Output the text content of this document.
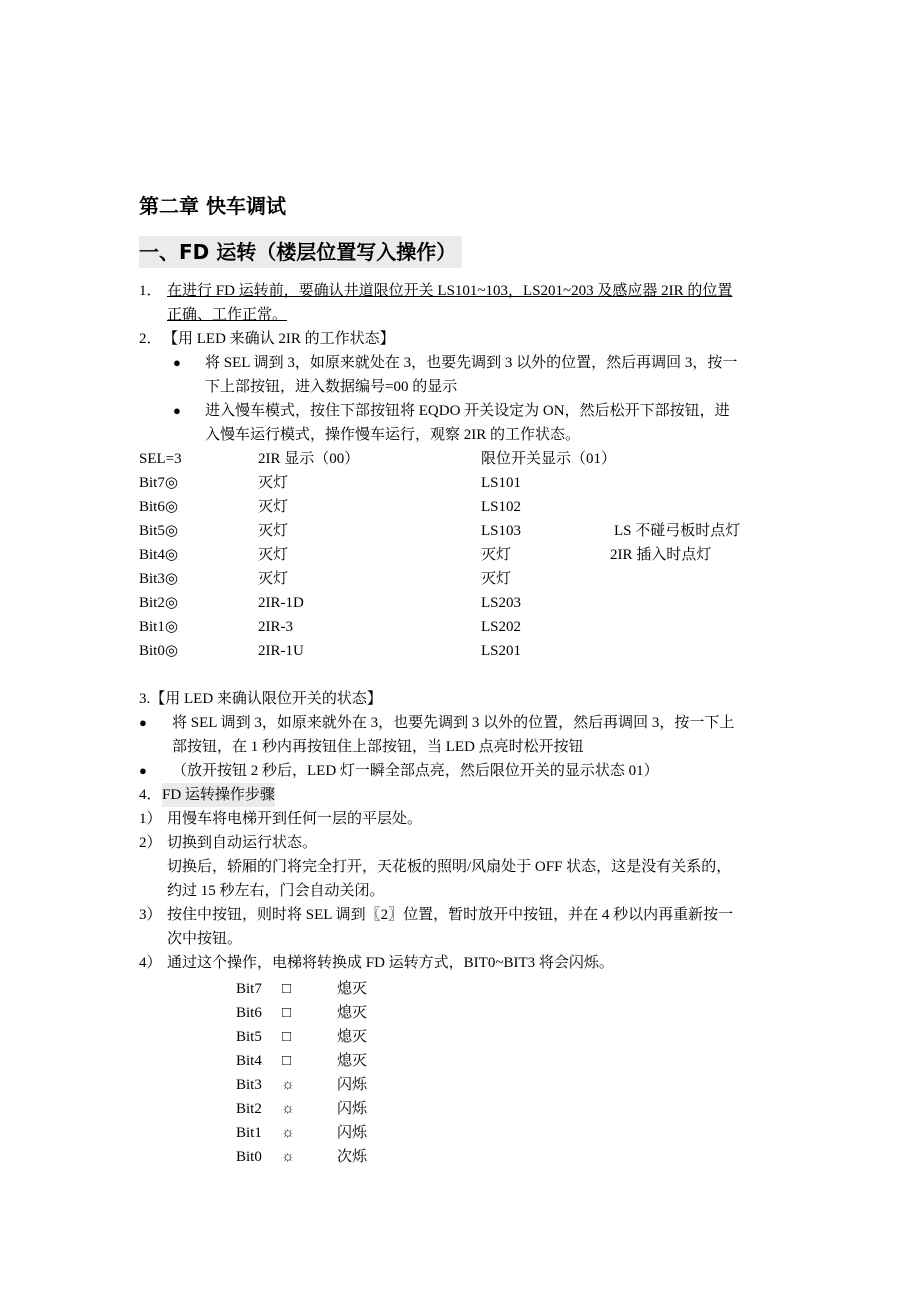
第二章 快车调试
一、FD 运转（楼层位置写入操作）
1． 在进行 FD 运转前，要确认井道限位开关 LS101~103，LS201~203 及感应器 2IR 的位置
正确、工作正常。
2． 【用 LED 来确认 2IR 的工作状态】
● 将 SEL 调到 3，如原来就处在 3，也要先调到 3 以外的位置，然后再调回 3，按一
下上部按钮，进入数据编号=00 的显示
● 进入慢车模式，按住下部按钮将 EQDO 开关设定为 ON，然后松开下部按钮，进
入慢车运行模式，操作慢车运行，观察 2IR 的工作状态。
SEL=3	2IR 显示（00）	限位开关显示（01）
Bit7◎	灭灯	LS101
Bit6◎	灭灯	LS102
Bit5◎	灭灯	LS103	LS 不碰弓板时点灯
Bit4◎	灭灯	灭灯	2IR 插入时点灯
Bit3◎	灭灯	灭灯
Bit2◎	2IR-1D	LS203
Bit1◎	2IR-3	LS202
Bit0◎	2IR-1U	LS201
3.【用 LED 来确认限位开关的状态】
● 将 SEL 调到 3，如原来就外在 3，也要先调到 3 以外的位置，然后再调回 3，按一下上
部按钮，在 1 秒内再按钮住上部按钮，当 LED 点亮时松开按钮
● （放开按钮 2 秒后，LED 灯一瞬全部点亮，然后限位开关的显示状态 01）
4． FD 运转操作步骤
1） 用慢车将电梯开到任何一层的平层处。
2） 切换到自动运行状态。
切换后，轿厢的门将完全打开，天花板的照明/风扇处于 OFF 状态，这是没有关系的，
约过 15 秒左右，门会自动关闭。
3） 按住中按钮，则时将 SEL 调到〖2〗位置，暂时放开中按钮，并在 4 秒以内再重新按一
次中按钮。
4） 通过这个操作，电梯将转换成 FD 运转方式，BIT0~BIT3 将会闪烁。
Bit7 □	熄灭
Bit6 □	熄灭
Bit5 □	熄灭
Bit4 □	熄灭
Bit3 ☼	闪烁
Bit2 ☼	闪烁
Bit1 ☼	闪烁
Bit0 ☼	次烁
